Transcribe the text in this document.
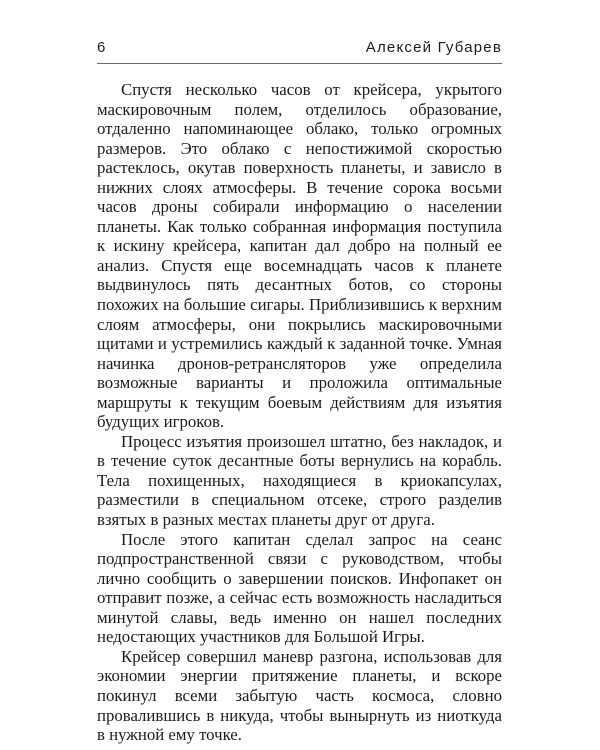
6	Алексей Губарев

Спустя несколько часов от крейсера, укрытого маскировочным полем, отделилось образование, отдаленно напоминающее облако, только огромных размеров. Это облако с непостижимой скоростью растеклось, окутав поверхность планеты, и зависло в нижних слоях атмосферы. В течение сорока восьми часов дроны собирали информацию о населении планеты. Как только собранная информация поступила к искину крейсера, капитан дал добро на полный ее анализ. Спустя еще восемнадцать часов к планете выдвинулось пять десантных ботов, со стороны похожих на большие сигары. Приблизившись к верхним слоям атмосферы, они покрылись маскировочными щитами и устремились каждый к заданной точке. Умная начинка дронов-ретрансляторов уже определила возможные варианты и проложила оптимальные маршруты к текущим боевым действиям для изъятия будущих игроков.

Процесс изъятия произошел штатно, без накладок, и в течение суток десантные боты вернулись на корабль. Тела похищенных, находящиеся в криокапсулах, разместили в специальном отсеке, строго разделив взятых в разных местах планеты друг от друга.

После этого капитан сделал запрос на сеанс подпространственной связи с руководством, чтобы лично сообщить о завершении поисков. Инфопакет он отправит позже, а сейчас есть возможность насладиться минутой славы, ведь именно он нашел последних недостающих участников для Большой Игры.

Крейсер совершил маневр разгона, использовав для экономии энергии притяжение планеты, и вскоре покинул всеми забытую часть космоса, словно провалившись в никуда, чтобы вынырнуть из ниоткуда в нужной ему точке.
